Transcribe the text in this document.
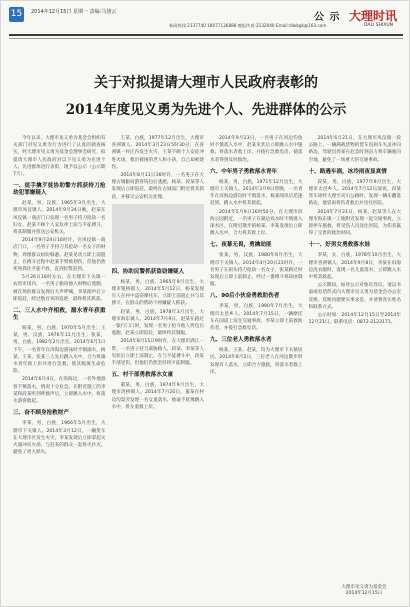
15	2014年12月15日 星期一 责编:马骁云
新闻热线:2137740 18077136888 晚报传真:2132040 Email:dlwbgk@163.com
公 示 大理时讯
DALI SHIXUN
关于对拟提请大理市人民政府表彰的
2014年度见义勇为先进个人、先进群体的公示

今年以来，大理市见义勇为基金会组织有关部门对见义勇为行为进行了认真的调查核实，经大理市见义勇为基金会理事会研究，拟提请大理市人民政府对以下见义勇为先进个人、先进群体进行表彰，现予以公示（公示期7天）。

一、徒手擒歹徒协助警方抓获持刀抢劫犯罪嫌疑人

赵某，男，汉族，1965年3月出生，大理市凤仪镇人。2014年9月24日晚，赵某在凤仪镇一商店门口发现一名男子持刀抢劫一名妇女，赵某不顾个人安危冲上前与歹徒搏斗，将其制服并扭送公安机关。

2014年9月24日16时许，在凤仪镇一商店门口，一名男子手持刀具抢劫一名女子的财物，周围群众纷纷躲避。赵某见状立即上前阻止，在搏斗过程中赵某手臂被划伤，但他仍然死死抓住歹徒不放，直到民警赶到。

5月26日16时左右，在大理市下关镇一农贸市场内，一名男子偷窃他人财物后逃跑，被在场的群众发现后大声呼喊，李某闻声后立即追赶，经过数百米的追逐，最终将其抓获。

二、三人水中齐相救，溺水青年获重生

杨某，男，白族，1970年5月出生；王某，男，汉族，1976年11月出生；张某，男，白族，1982年2月出生。2014年6月1日下午，一名青年在洱海边游泳时不慎溺水，杨某、王某、张某三人先后跳入水中，合力将溺水青年救上岸并进行急救，使其脱离生命危险。

2014年6月4日，在洱海边，一名外地游客不慎落水，情况十分危急。在附近施工的李某和段某听到呼救声后，立即跳入水中，将落水游客救起。

三、奋不顾身抢救财产

李某，男，白族，1966年5月出生，大理市下关镇人。2014年3月12日，一辆货车在大理市区发生火灾，李某发现后立即拿起灭火器冲向火场，与赶来的群众一起将火扑灭，避免了更大损失。

王某，白族，1977年12月出生，大理市喜洲镇人。2014年3月23日5时30分，在喜洲镇一村庄内发生火灾，王某不顾个人安危冲进火场，救出被困的老人和小孩，自己却被烧伤。

2014年8月11日16时许，一名男子在大理古城偷窃游客钱包后逃跑，杨某、段某等人发现后立即追赶，最终在古城南门附近将其抓获，并移交公安机关处理。

四、协助民警抓获盗窃嫌疑人

杨某，男，白族，1965年9月出生，大理市银桥镇人。2014年5月12日，杨某发现有人在村中盗窃摩托车，立即上前阻止并与其搏斗，在群众的帮助下将嫌疑人抓获。

赵某，男，白族，1978年3月出生，大理市海东镇人。2014年7月9日，赵某在路过一银行门口时，发现一名男子抢夺他人挎包后逃跑，赵某立即追赶，最终将其制服。

2014年8月15日9时许，在大理市满江一带，一名男子持刀威胁路人，段某、李某等人见状后立即上前制止，在与歹徒搏斗中，段某手部受伤，但他们仍然坚持将歹徒制服。

五、村干部勇救落水女童

董某，男，白族，1974年9月出生，大理市湾桥镇人。2014年7月20日，董某在村边沟渠旁发现一名女童落水，他毫不犹豫跳入水中，将女童救上岸。

2014年9月23日，一名男子在河边钓鱼时不慎落入水中，赵某见状后立即跳入水中施救，将落水者救上岸，并拨打急救电话，使落水者得到及时救治。

六、中年男子勇救落水青年

杨某，男，白族，1971年12月出生，大理市上关镇人。2014年3月9日傍晚，一名青年在洱海边游玩时不慎落水，杨某闻讯后迅速赶到，跳入水中将其救起。

2014年5月9日16时50分，在大理市洱海公园附近，一名男子在湖边戏水时不慎滑入深水区，在附近散步的杨某、李某发现后立即跳入水中，合力将其救上岸。

七、夜幕无畏，勇擒劫匪

张某，男，汉族，1980年6月出生，大理市下关镇人。2014年4月20日23时许，一名男子在街头持刀抢劫一名女子，张某路过时发现后立即上前制止，经过一番搏斗将劫匪制服。

八、90后小伙奋勇救助伤者

李某，男，白族，1990年7月出生，大理市太邑乡人。2014年7月15日，一辆摩托车在国道上发生交通事故，李某立即上前救助伤者，并拨打急救电话。

九、三位老人勇救落水者

杨某、王某、赵某，均为大理市下关镇居民。2014年8月2日，三位老人在河边散步时发现有人落水，立即合力施救，将落水者救上岸。

2014年6月21日，在大理市凤仪镇一段公路上，一辆满载货物的货车因刹车失灵冲向路边，驾驶员周某在危急时刻奋力将车辆驶向空地，避免了一场重大的交通事故。

十、路遇车祸，冰冷雨夜显真情

段某，男，白族，1977年9月出生，大理市太邑乡人。2014年7月12日深夜，段某驾车途经大理至宾川公路时，发现一辆车翻落路边，他冒雨将伤者救出并送往医院。

2014年7月21日，杨某、赵某等人在大理市海东镇一工地附近发现一起交通事故，立即停车施救，将受伤人员送往医院，为伤者赢得了宝贵的救治时间。

十一、好男女勇救落水娃

李某，女，白族，1978年10月出生，大理市喜洲镇人。2014年9月8日，李某在洱海边洗衣服时，发现一名儿童落水，立即跳入水中将其救起。

公示期间，如对公示对象有异议，请以书面或电话形式向大理市见义勇为基金会办公室反映。反映问题要实事求是，并请署真实姓名和联系方式。

公示时间：2014年12月15日至2014年12月21日。联系电话：0872-2123171。

大理市见义勇为基金会
2014年12月15日
